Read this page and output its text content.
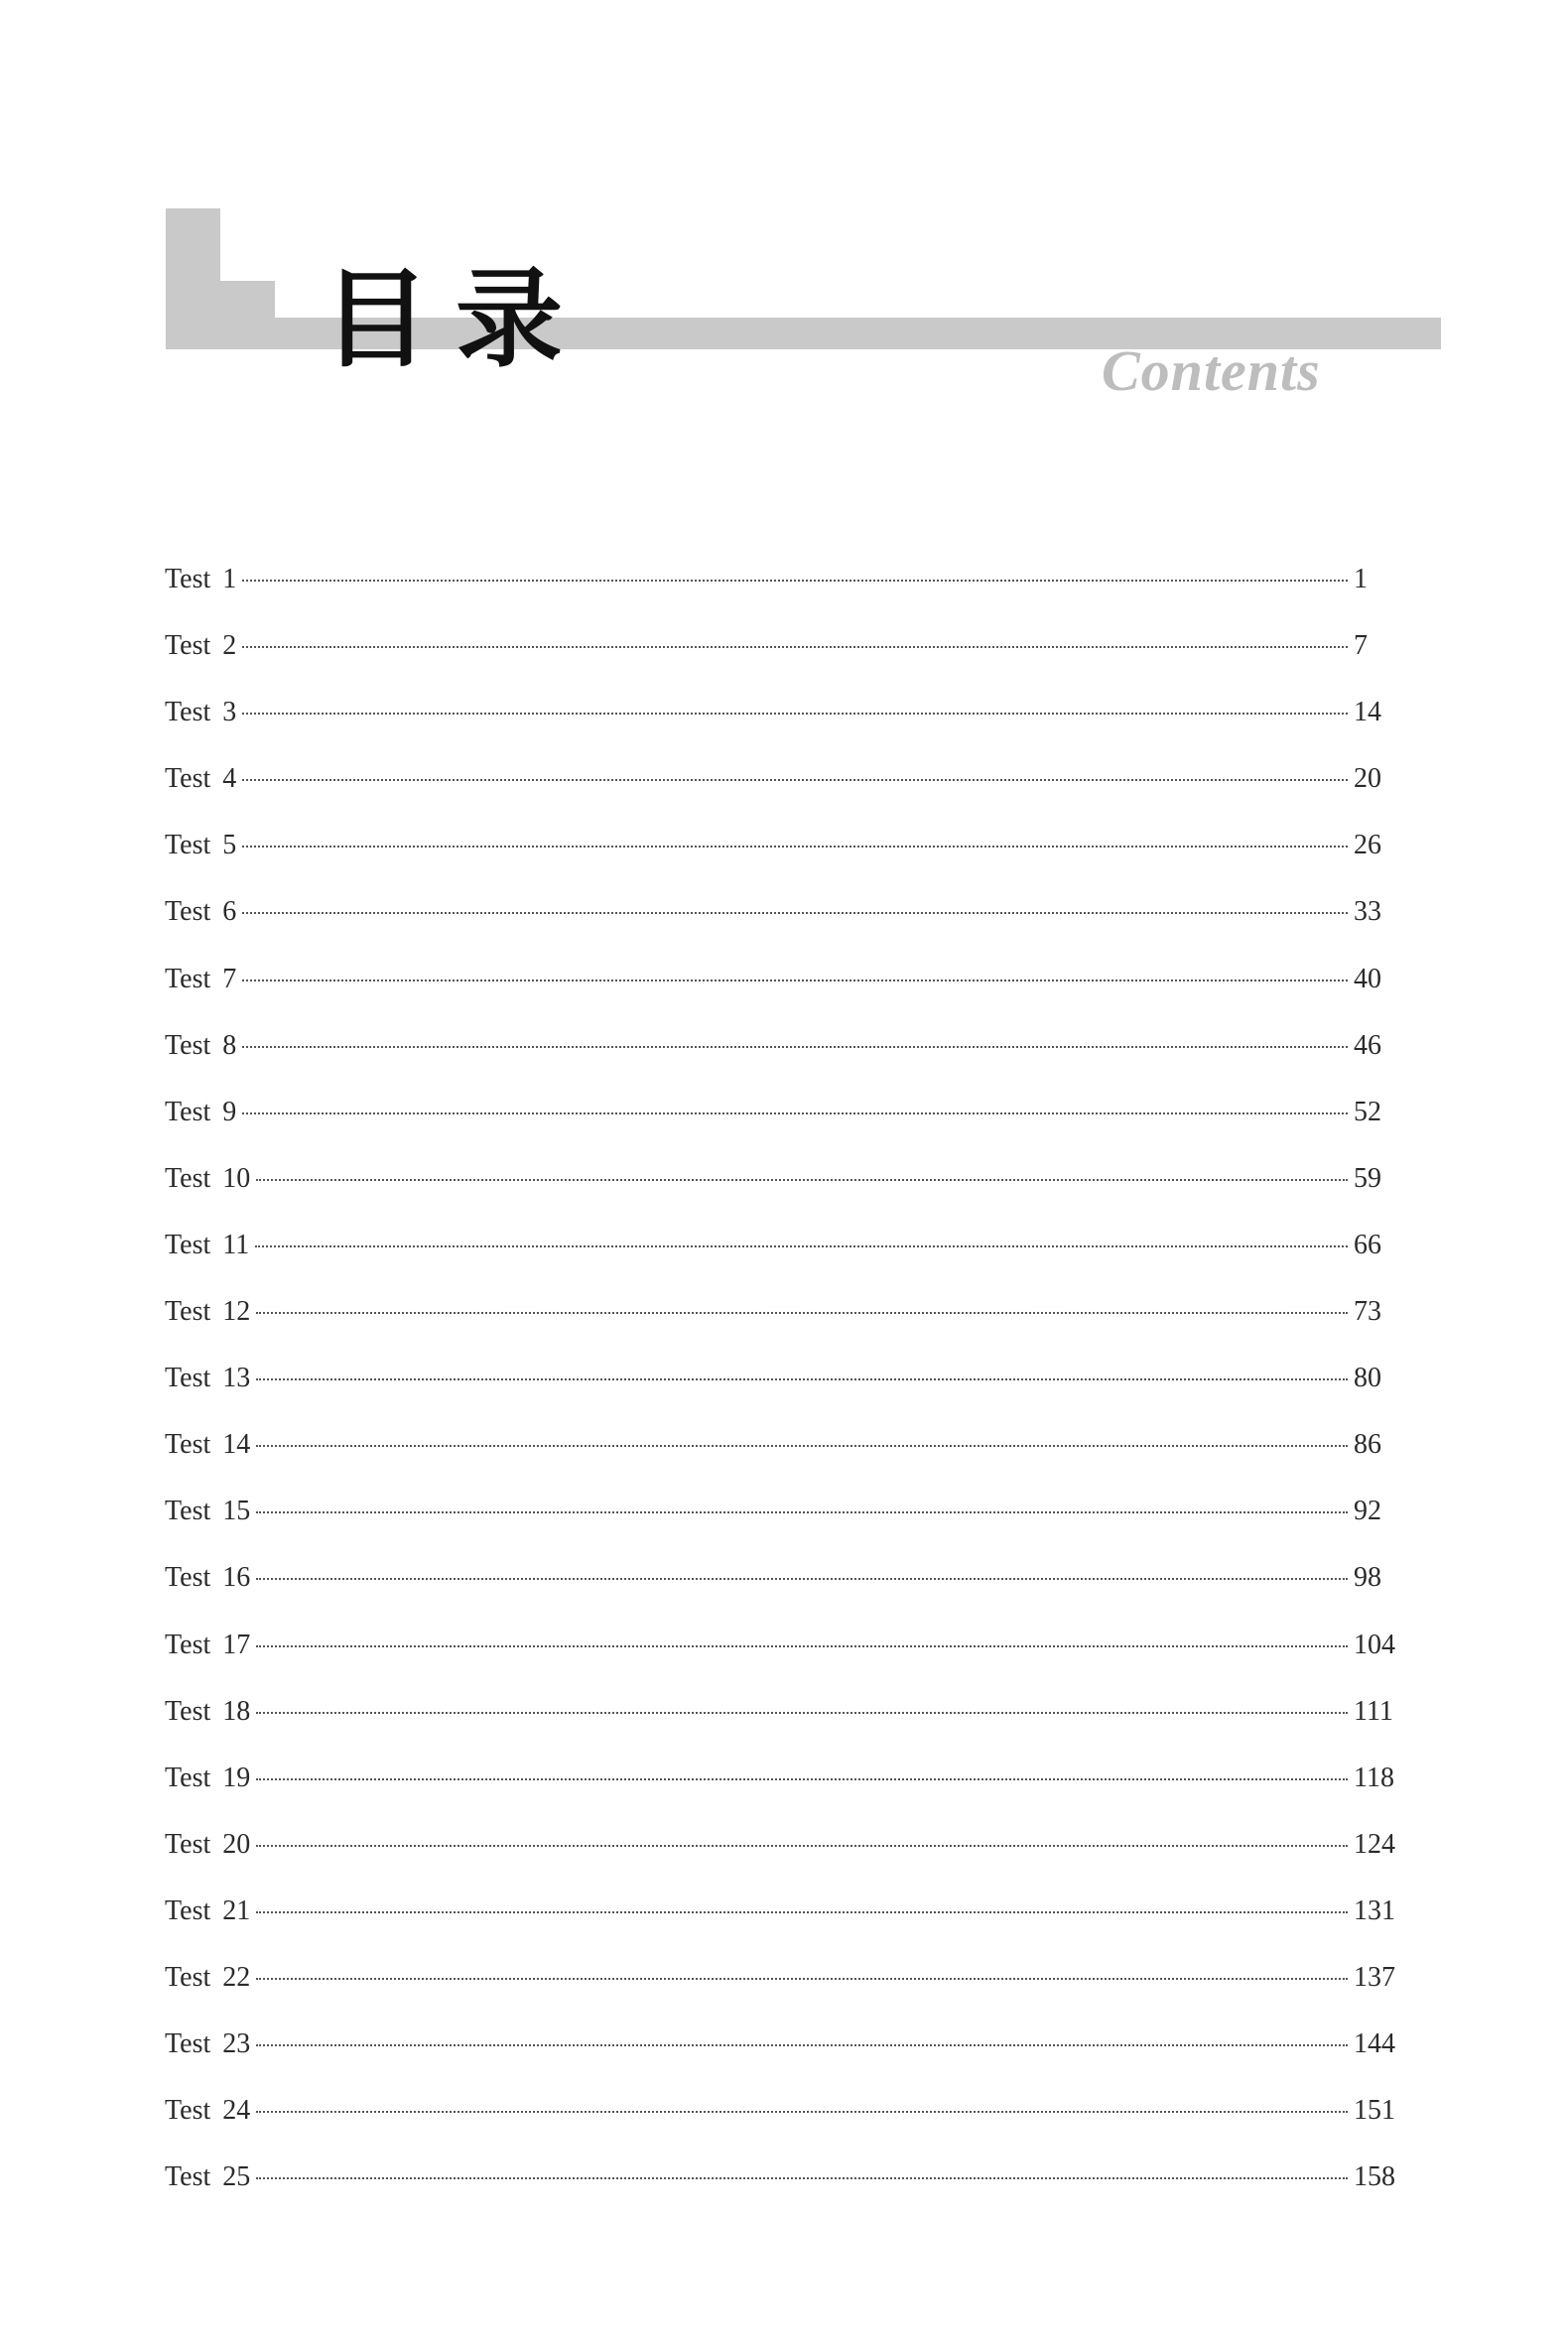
目录	Contents
Test 1	1
Test 2	7
Test 3	14
Test 4	20
Test 5	26
Test 6	33
Test 7	40
Test 8	46
Test 9	52
Test 10	59
Test 11	66
Test 12	73
Test 13	80
Test 14	86
Test 15	92
Test 16	98
Test 17	104
Test 18	111
Test 19	118
Test 20	124
Test 21	131
Test 22	137
Test 23	144
Test 24	151
Test 25	158
